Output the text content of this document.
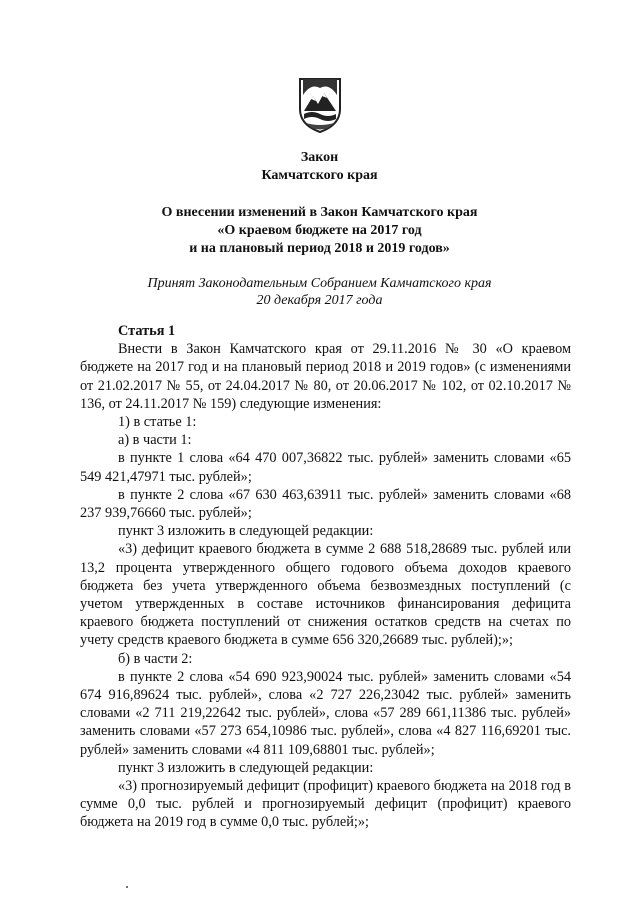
Закон
Камчатского края
О внесении изменений в Закон Камчатского края
«О краевом бюджете на 2017 год
и на плановый период 2018 и 2019 годов»
Принят Законодательным Собранием Камчатского края
20 декабря 2017 года

Статья 1

Внести в Закон Камчатского края от 29.11.2016 № 30 «О краевом бюджете на 2017 год и на плановый период 2018 и 2019 годов» (с изменениями от 21.02.2017 № 55, от 24.04.2017 № 80, от 20.06.2017 № 102, от 02.10.2017 № 136, от 24.11.2017 № 159) следующие изменения:

1) в статье 1:

а) в части 1:

в пункте 1 слова «64 470 007,36822 тыс. рублей» заменить словами «65 549 421,47971 тыс. рублей»;

в пункте 2 слова «67 630 463,63911 тыс. рублей» заменить словами «68 237 939,76660 тыс. рублей»;

пункт 3 изложить в следующей редакции:

«3) дефицит краевого бюджета в сумме 2 688 518,28689 тыс. рублей или 13,2 процента утвержденного общего годового объема доходов краевого бюджета без учета утвержденного объема безвозмездных поступлений (с учетом утвержденных в составе источников финансирования дефицита краевого бюджета поступлений от снижения остатков средств на счетах по учету средств краевого бюджета в сумме 656 320,26689 тыс. рублей);»;

б) в части 2:

в пункте 2 слова «54 690 923,90024 тыс. рублей» заменить словами «54 674 916,89624 тыс. рублей», слова «2 727 226,23042 тыс. рублей» заменить словами «2 711 219,22642 тыс. рублей», слова «57 289 661,11386 тыс. рублей» заменить словами «57 273 654,10986 тыс. рублей», слова «4 827 116,69201 тыс. рублей» заменить словами «4 811 109,68801 тыс. рублей»;

пункт 3 изложить в следующей редакции:

«3) прогнозируемый дефицит (профицит) краевого бюджета на 2018 год в сумме 0,0 тыс. рублей и прогнозируемый дефицит (профицит) краевого бюджета на 2019 год в сумме 0,0 тыс. рублей;»;
